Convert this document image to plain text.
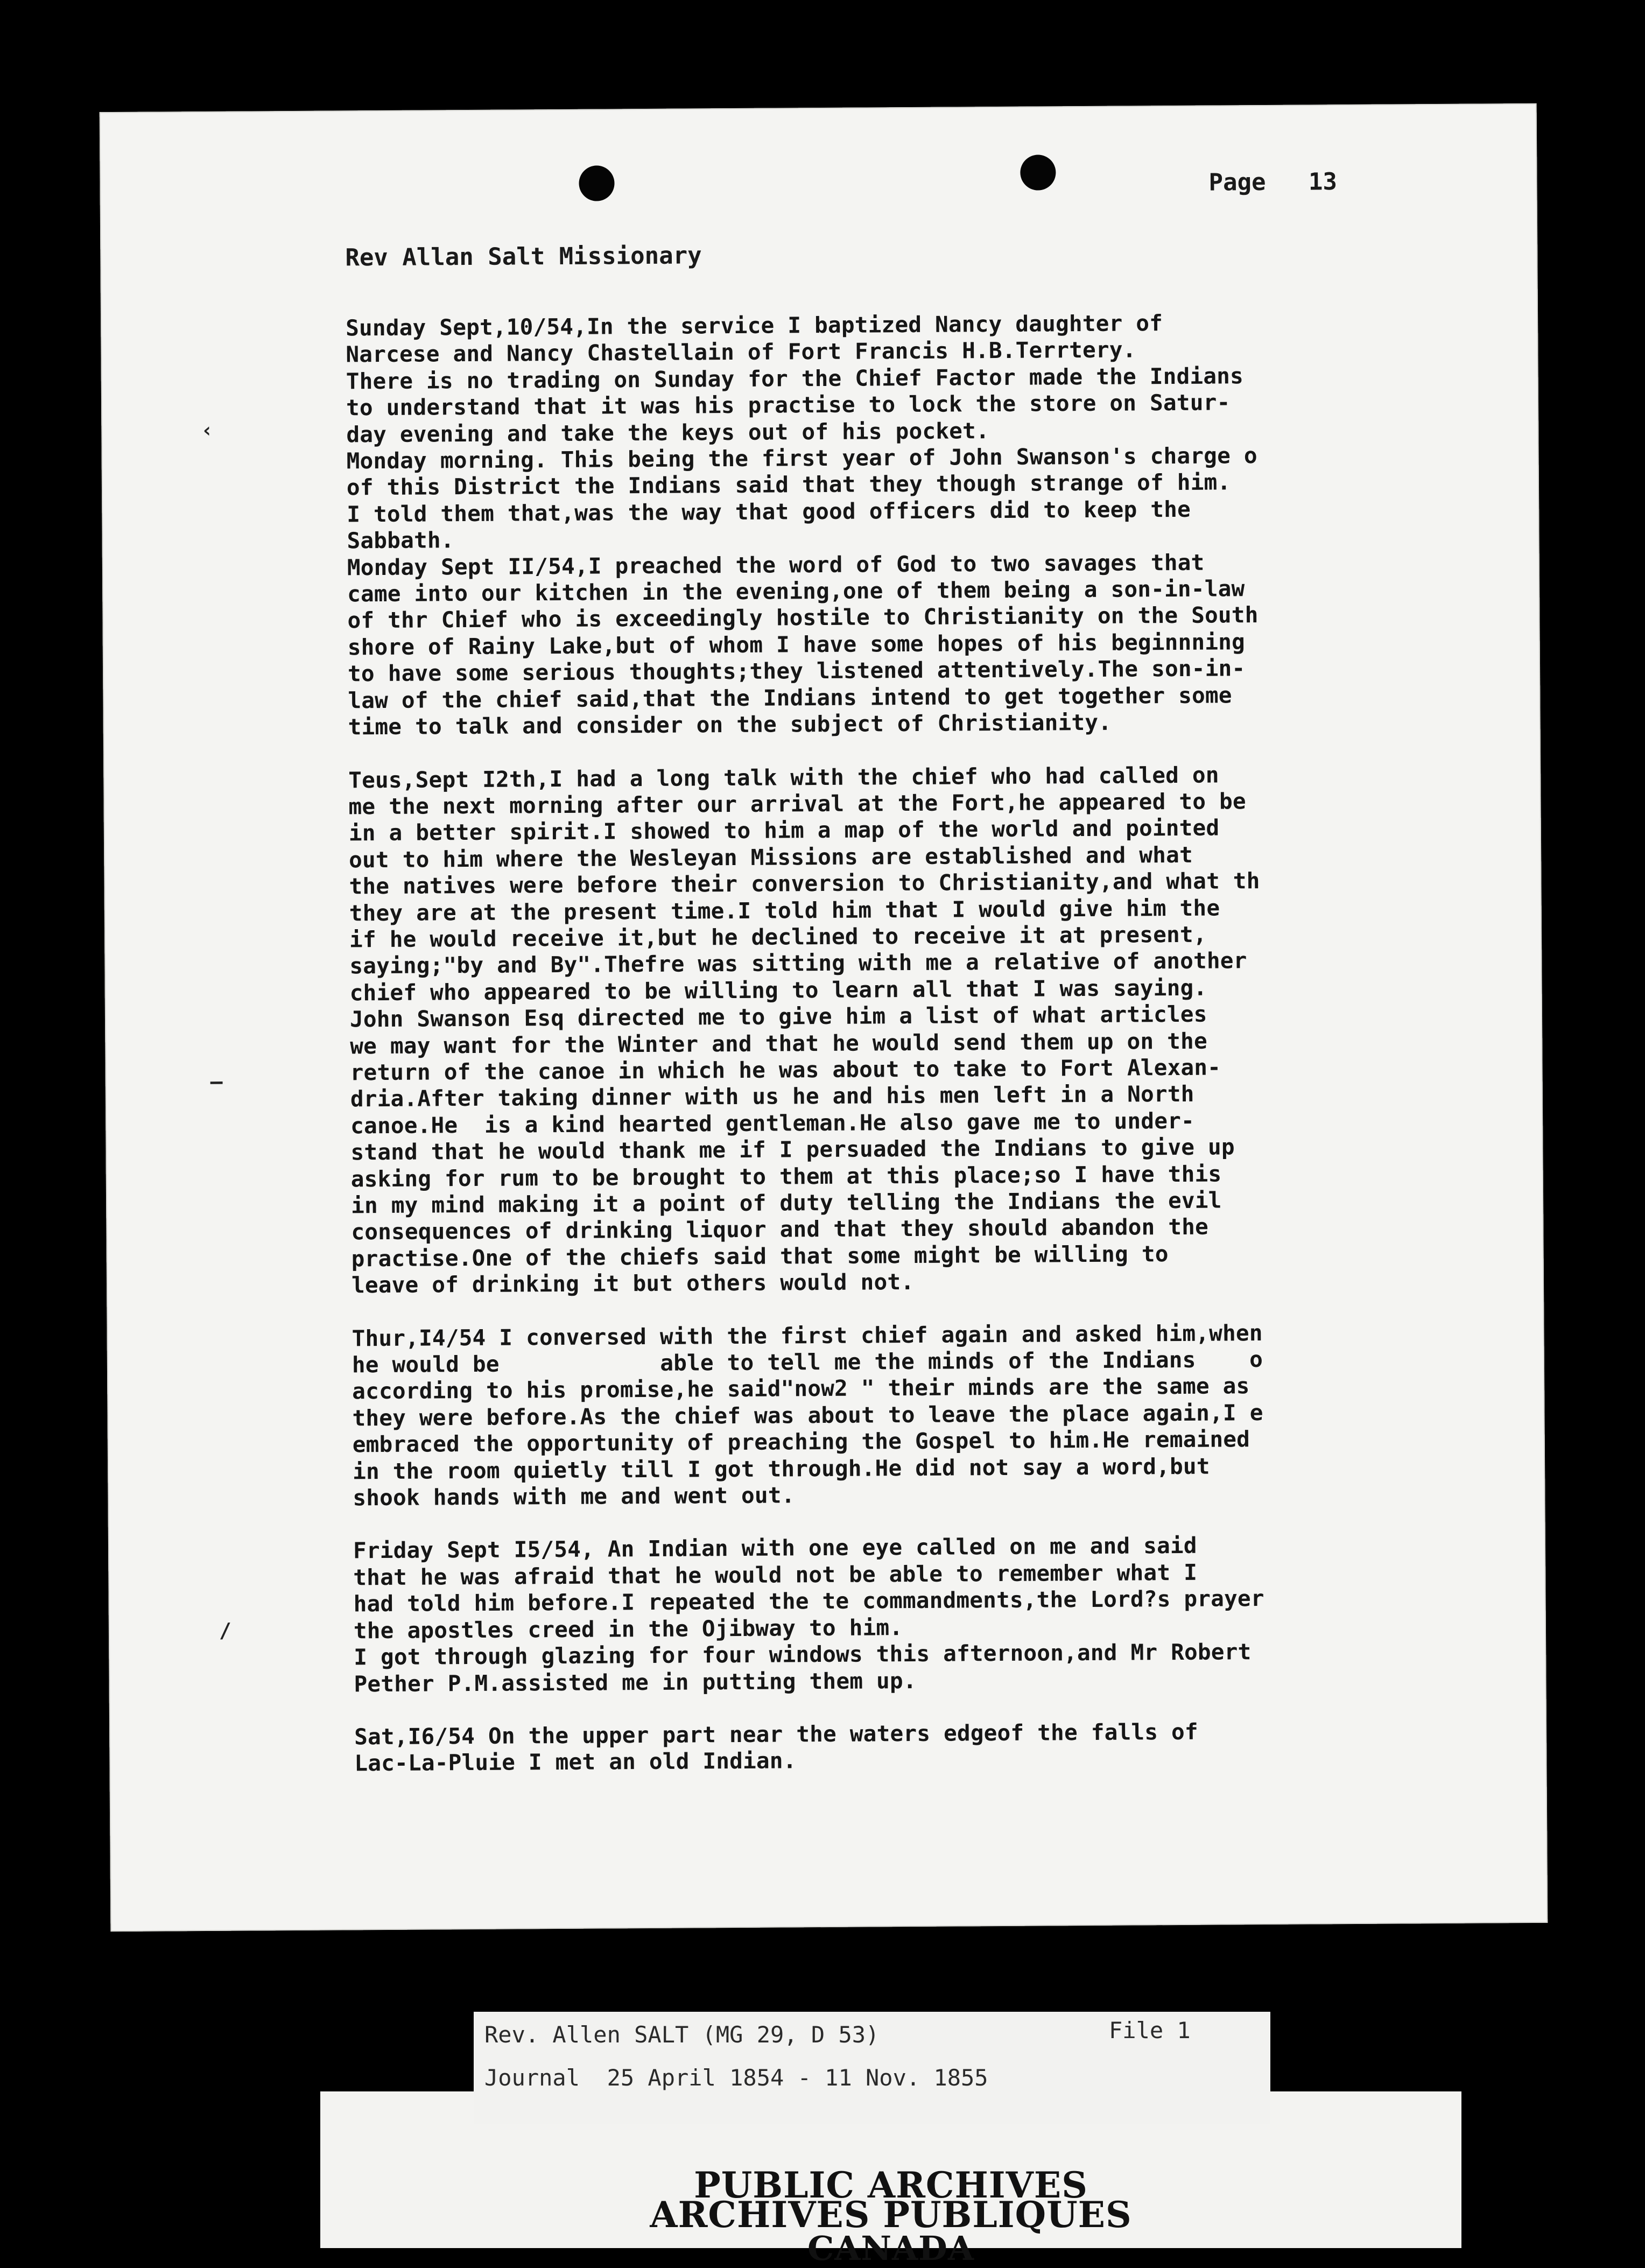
Page   13
Rev Allan Salt Missionary
‹
—
/
Sunday Sept,10/54,In the service I baptized Nancy daughter of
Narcese and Nancy Chastellain of Fort Francis H.B.Terrtery.
There is no trading on Sunday for the Chief Factor made the Indians
to understand that it was his practise to lock the store on Satur-
day evening and take the keys out of his pocket.
Monday morning. This being the first year of John Swanson's charge o
of this District the Indians said that they though strange of him.
I told them that,was the way that good officers did to keep the
Sabbath.
Monday Sept II/54,I preached the word of God to two savages that
came into our kitchen in the evening,one of them being a son-in-law
of thr Chief who is exceedingly hostile to Christianity on the South
shore of Rainy Lake,but of whom I have some hopes of his beginnning
to have some serious thoughts;they listened attentively.The son-in-
law of the chief said,that the Indians intend to get together some
time to talk and consider on the subject of Christianity.
Teus,Sept I2th,I had a long talk with the chief who had called on
me the next morning after our arrival at the Fort,he appeared to be
in a better spirit.I showed to him a map of the world and pointed
out to him where the Wesleyan Missions are established and what
the natives were before their conversion to Christianity,and what th
they are at the present time.I told him that I would give him the
if he would receive it,but he declined to receive it at present,
saying;"by and By".Thefre was sitting with me a relative of another
chief who appeared to be willing to learn all that I was saying.
John Swanson Esq directed me to give him a list of what articles
we may want for the Winter and that he would send them up on the
return of the canoe in which he was about to take to Fort Alexan-
dria.After taking dinner with us he and his men left in a North
canoe.He  is a kind hearted gentleman.He also gave me to under-
stand that he would thank me if I persuaded the Indians to give up
asking for rum to be brought to them at this place;so I have this
in my mind making it a point of duty telling the Indians the evil
consequences of drinking liquor and that they should abandon the
practise.One of the chiefs said that some might be willing to
leave of drinking it but others would not.
Thur,I4/54 I conversed with the first chief again and asked him,when
he would be            able to tell me the minds of the Indians    o
according to his promise,he said"now2 " their minds are the same as
they were before.As the chief was about to leave the place again,I e
embraced the opportunity of preaching the Gospel to him.He remained
in the room quietly till I got through.He did not say a word,but
shook hands with me and went out.
Friday Sept I5/54, An Indian with one eye called on me and said
that he was afraid that he would not be able to remember what I
had told him before.I repeated the te commandments,the Lord?s prayer
the apostles creed in the Ojibway to him.
I got through glazing for four windows this afternoon,and Mr Robert
Pether P.M.assisted me in putting them up.
Sat,I6/54 On the upper part near the waters edgeof the falls of
Lac-La-Pluie I met an old Indian.
PUBLIC ARCHIVES
ARCHIVES PUBLIQUES
CANADA
Rev. Allen SALT (MG 29, D 53)	File 1
Journal  25 April 1854 - 11 Nov. 1855
